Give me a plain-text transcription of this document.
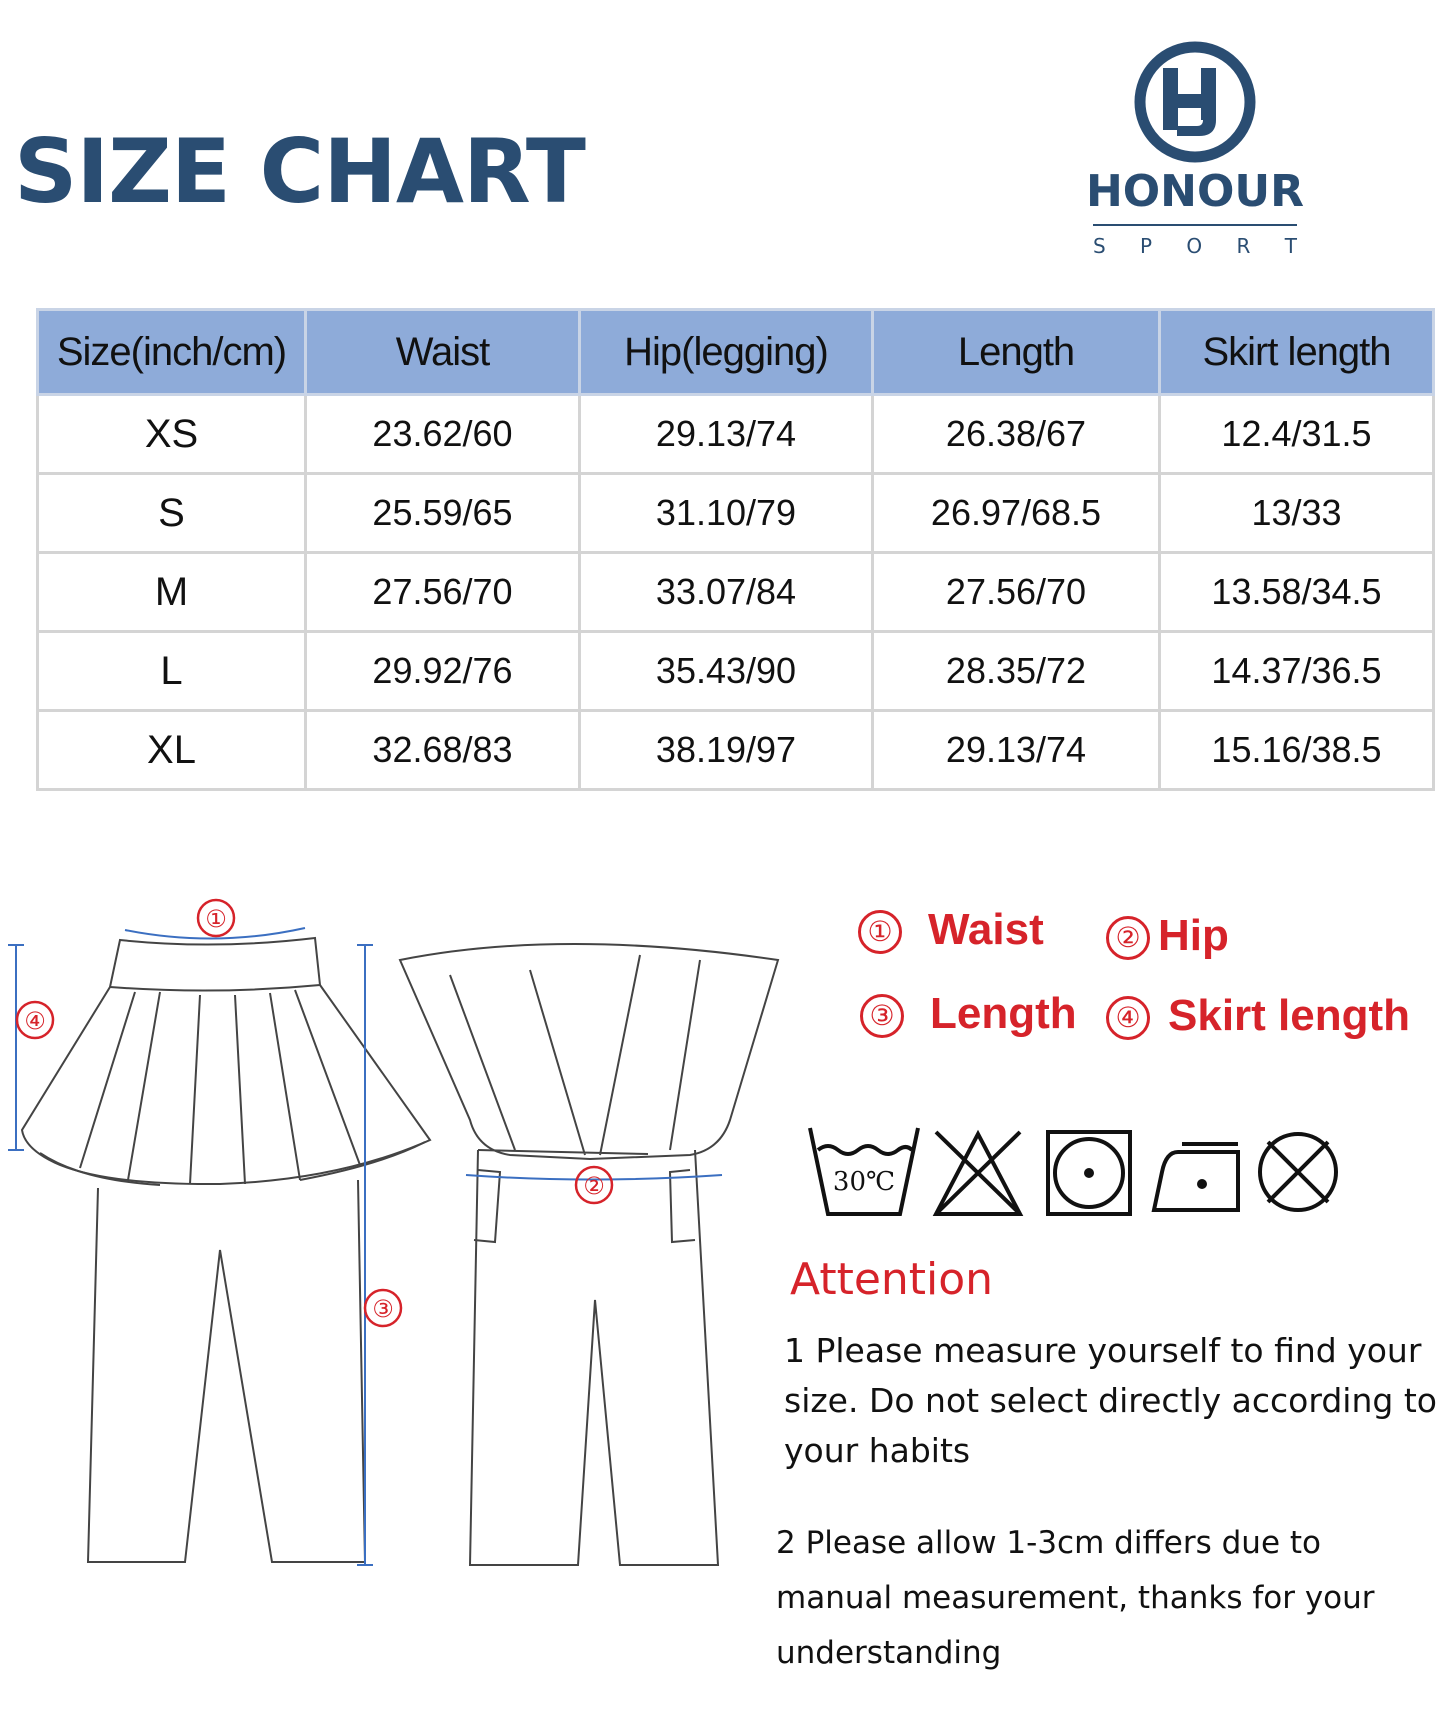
SIZE CHART	HONOUR
S P O R T
Size(inch/cm)	Waist	Hip(legging)	Length	Skirt length
XS	23.62/60	29.13/74	26.38/67	12.4/31.5
S	25.59/65	31.10/79	26.97/68.5	13/33
M	27.56/70	33.07/84	27.56/70	13.58/34.5
L	29.92/76	35.43/90	28.35/72	14.37/36.5
XL	32.68/83	38.19/97	29.13/74	15.16/38.5
①
②
③
④
① Waist	② Hip
③ Length	④ Skirt length
30℃
Attention

1 Please measure yourself to find your size. Do not select directly according to your habits

2 Please allow 1-3cm differs due to manual measurement, thanks for your understanding
